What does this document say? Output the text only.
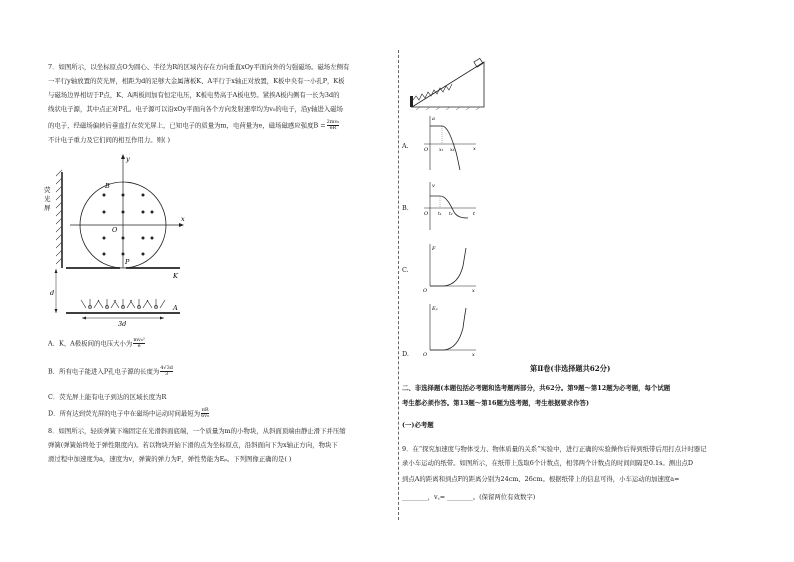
7．如图所示，以坐标原点O为圆心、半径为R的区域内存在方向垂直xOy平面向外的匀强磁场。磁场左侧有
一平行y轴放置的荧光屏，相距为d的足够大金属薄板K、A平行于x轴正对放置，K板中央有一小孔P，K板
与磁场边界相切于P点，K、A两板间加有恒定电压，K板电势高于A板电势。紧挨A板内侧有一长为3d的
线状电子源，其中点正对P孔。电子源可以沿xOy平面向各个方向发射速率均为v₀的电子，沿y轴进入磁场
的电子，经磁场偏转后垂直打在荧光屏上，已知电子的质量为m，电荷量为e，磁场磁感应强度$B = \frac{\text{2mv₀}}{eR}$
不计电子重力及它们间的相互作用力。则( )
荧
光
屏
y
x
B
O
P
K
d
A
3d
A．K、A极板间的电压大小为 $\frac{\text{mv₀²}}{e}$
B．所有电子能进入P孔电子源的长度为 $\frac{4√3d}{3}$
C．荧光屏上能有电子到达的区域长度为R
D．所有达到荧光屏的电子中在磁场中运动时间最短为 $\frac{\pi R}{\text{6v₀}}$
8．如图所示，轻质弹簧下端固定在光滑斜面底端，一个质量为m的小物块，从斜面顶端由静止滑下并压缩
弹簧(弹簧始终处于弹性限度内)。若以物块开始下滑的点为坐标原点，沿斜面向下为x轴正方向，物块下
滑过程中加速度为a，速度为v，弹簧的弹力为F，弹性势能为Eₚ。下列图像正确的是( )
A.
a
x
O x₁ x₂
B.
v
t
O t₁ t₂
C.
F
x
O
D.
Eₚ
x
O
第Ⅱ卷(非选择题共62分)
二、非选择题(本题包括必考题和选考题两部分，共62分。第9题～第12题为必考题，每个试题
考生都必须作答。第13题～第16题为选考题，考生根据要求作答)
(一)必考题
9．在“探究加速度与物体受力、物体质量的关系”实验中，进行正确的实验操作后得到纸带后用打点计时器记
录小车运动的纸带。如图所示，在纸带上选取6个计数点，相邻两个计数点的时间间隔是0.1s。测出点D
到点A的距离和到点F的距离分别为24cm、26cm。根据纸带上的信息可得，小车运动的加速度a=
________，v꜀= ________。(保留两位有效数字)
